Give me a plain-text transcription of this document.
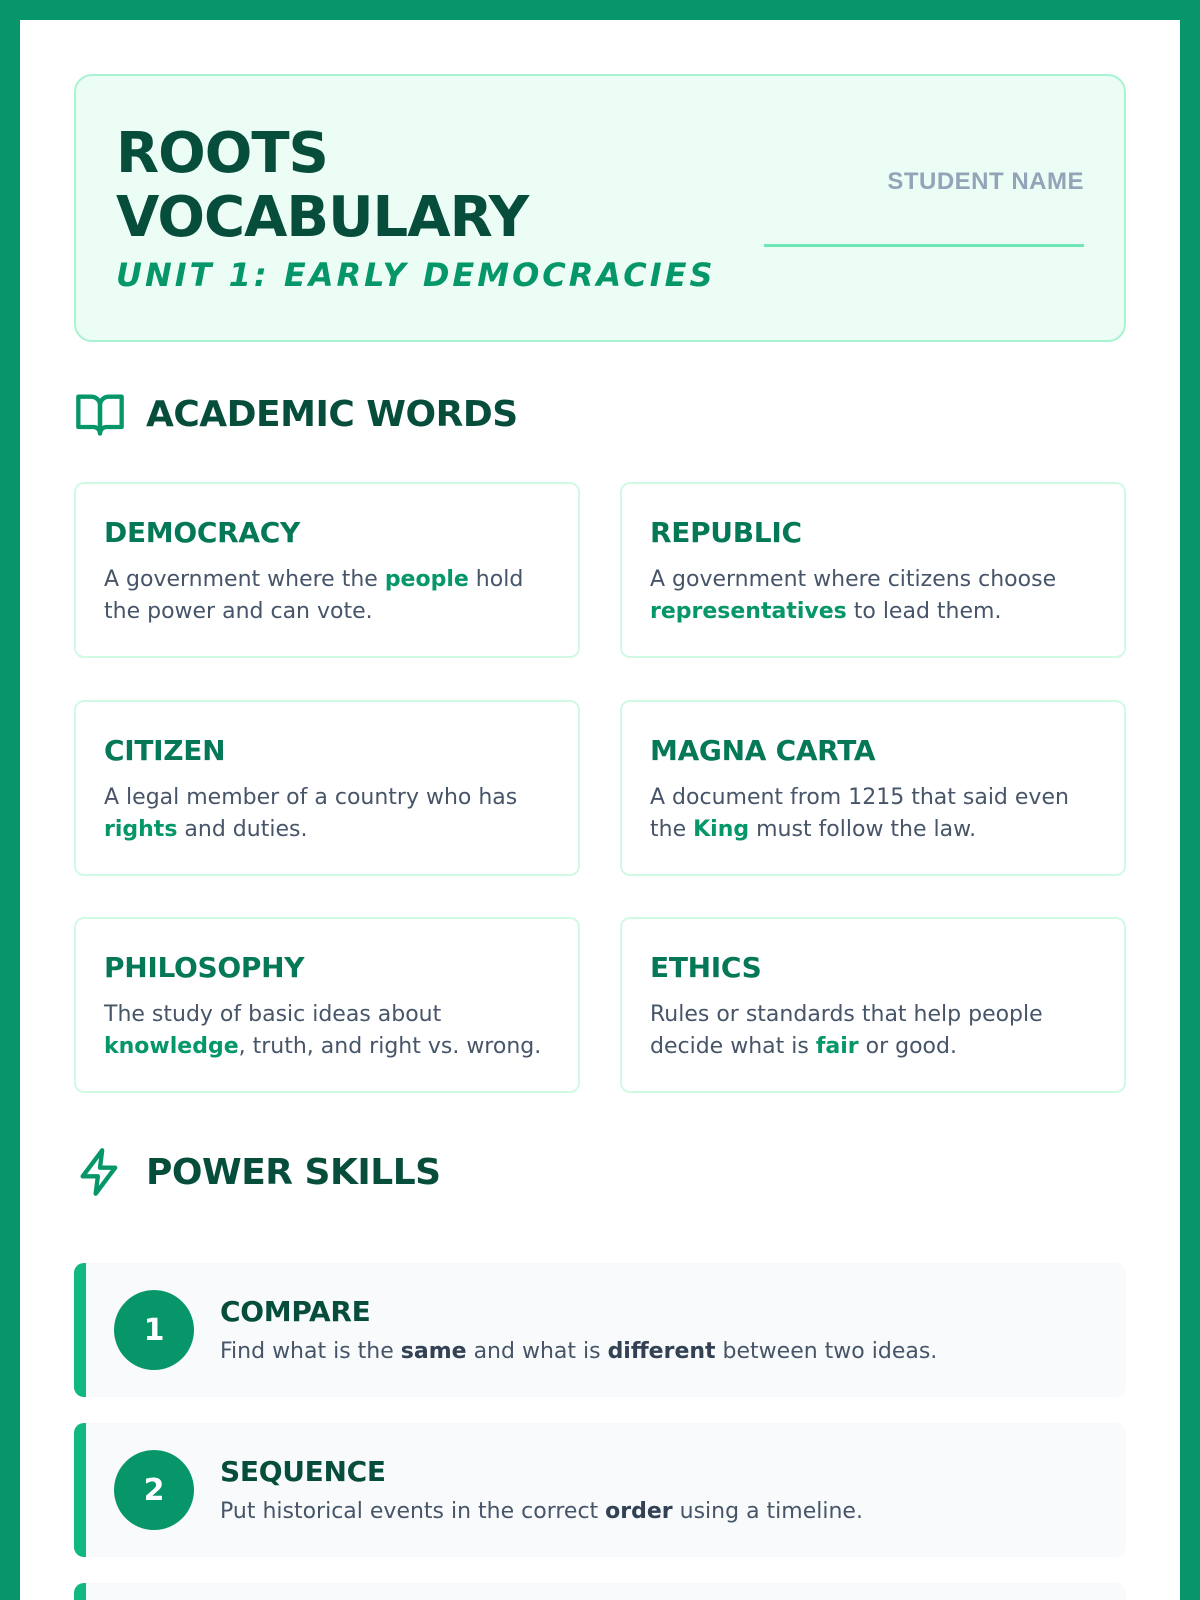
ROOTS
VOCABULARY
UNIT 1: EARLY DEMOCRACIES
STUDENT NAME
ACADEMIC WORDS
DEMOCRACY
A government where the people hold the power and can vote.
REPUBLIC
A government where citizens choose representatives to lead them.
CITIZEN
A legal member of a country who has rights and duties.
MAGNA CARTA
A document from 1215 that said even the King must follow the law.
PHILOSOPHY
The study of basic ideas about knowledge, truth, and right vs. wrong.
ETHICS
Rules or standards that help people decide what is fair or good.
POWER SKILLS
1
COMPARE
Find what is the same and what is different between two ideas.
2
SEQUENCE
Put historical events in the correct order using a timeline.
